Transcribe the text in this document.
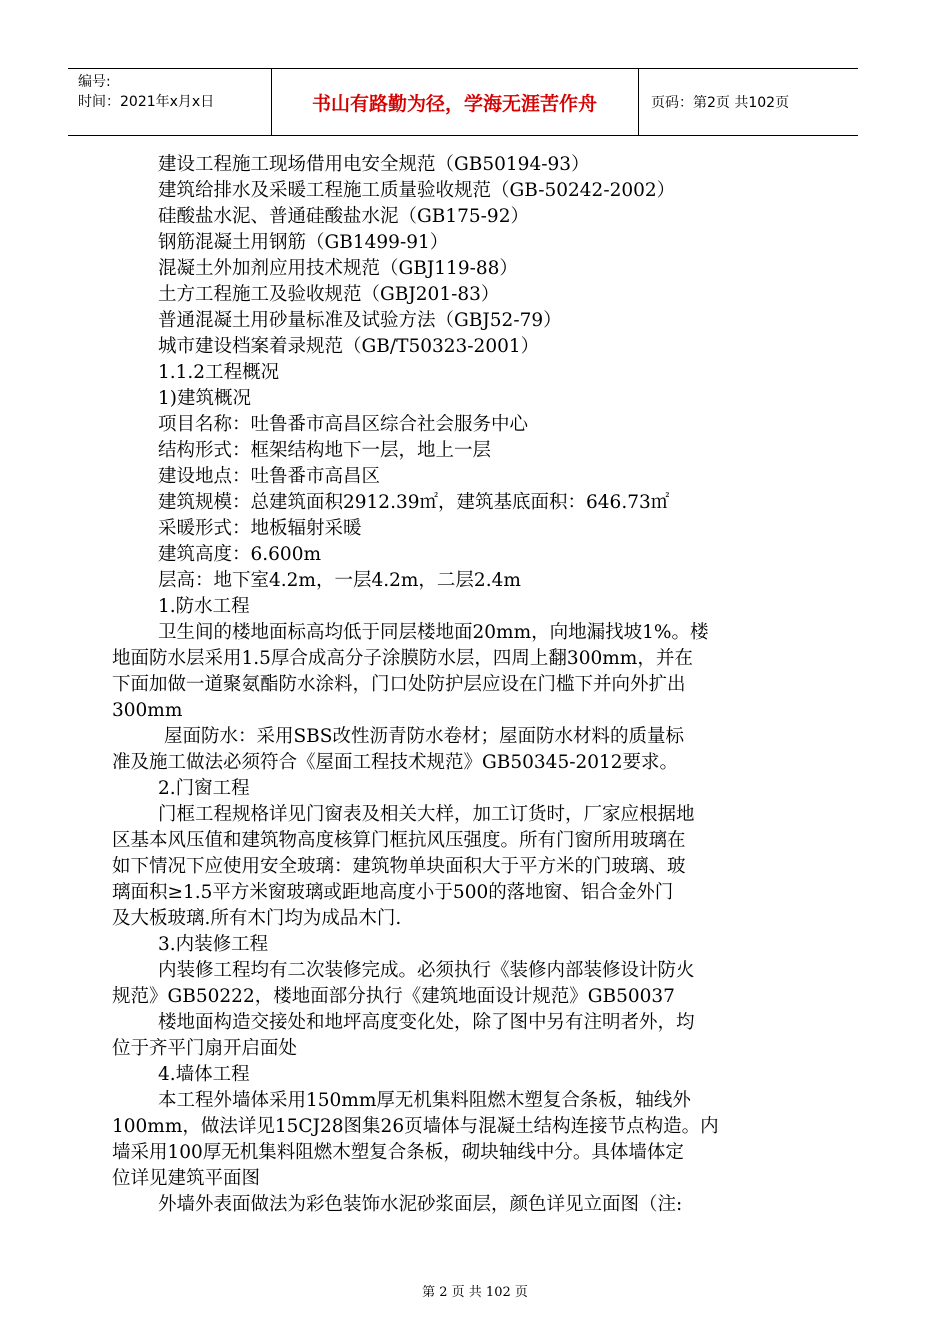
编号:
时间：2021年x月x日	书山有路勤为径，学海无涯苦作舟	页码：第2页 共102页
建设工程施工现场借用电安全规范（GB50194-93）
建筑给排水及采暖工程施工质量验收规范（GB-50242-2002）
硅酸盐水泥、普通硅酸盐水泥（GB175-92）
钢筋混凝土用钢筋（GB1499-91）
混凝土外加剂应用技术规范（GBJ119-88）
土方工程施工及验收规范（GBJ201-83）
普通混凝土用砂量标准及试验方法（GBJ52-79）
城市建设档案着录规范（GB/T50323-2001）
1.1.2工程概况
1)建筑概况
项目名称：吐鲁番市高昌区综合社会服务中心
结构形式：框架结构地下一层，地上一层
建设地点：吐鲁番市高昌区
建筑规模：总建筑面积2912.39㎡，建筑基底面积：646.73㎡
采暖形式：地板辐射采暖
建筑高度：6.600m
层高：地下室4.2m，一层4.2m，二层2.4m
1.防水工程
卫生间的楼地面标高均低于同层楼地面20mm，向地漏找坡1%。楼
地面防水层采用1.5厚合成高分子涂膜防水层，四周上翻300mm，并在
下面加做一道聚氨酯防水涂料，门口处防护层应设在门槛下并向外扩出
300mm
屋面防水：采用SBS改性沥青防水卷材；屋面防水材料的质量标
准及施工做法必须符合《屋面工程技术规范》GB50345-2012要求。
2.门窗工程
门框工程规格详见门窗表及相关大样，加工订货时，厂家应根据地
区基本风压值和建筑物高度核算门框抗风压强度。所有门窗所用玻璃在
如下情况下应使用安全玻璃：建筑物单块面积大于平方米的门玻璃、玻
璃面积≥1.5平方米窗玻璃或距地高度小于500的落地窗、铝合金外门
及大板玻璃.所有木门均为成品木门.
3.内装修工程
内装修工程均有二次装修完成。必须执行《装修内部装修设计防火
规范》GB50222，楼地面部分执行《建筑地面设计规范》GB50037
楼地面构造交接处和地坪高度变化处，除了图中另有注明者外，均
位于齐平门扇开启面处
4.墙体工程
本工程外墙体采用150mm厚无机集料阻燃木塑复合条板，轴线外
100mm，做法详见15CJ28图集26页墙体与混凝土结构连接节点构造。内
墙采用100厚无机集料阻燃木塑复合条板，砌块轴线中分。具体墙体定
位详见建筑平面图
外墙外表面做法为彩色装饰水泥砂浆面层，颜色详见立面图（注:
第 2 页 共 102 页
